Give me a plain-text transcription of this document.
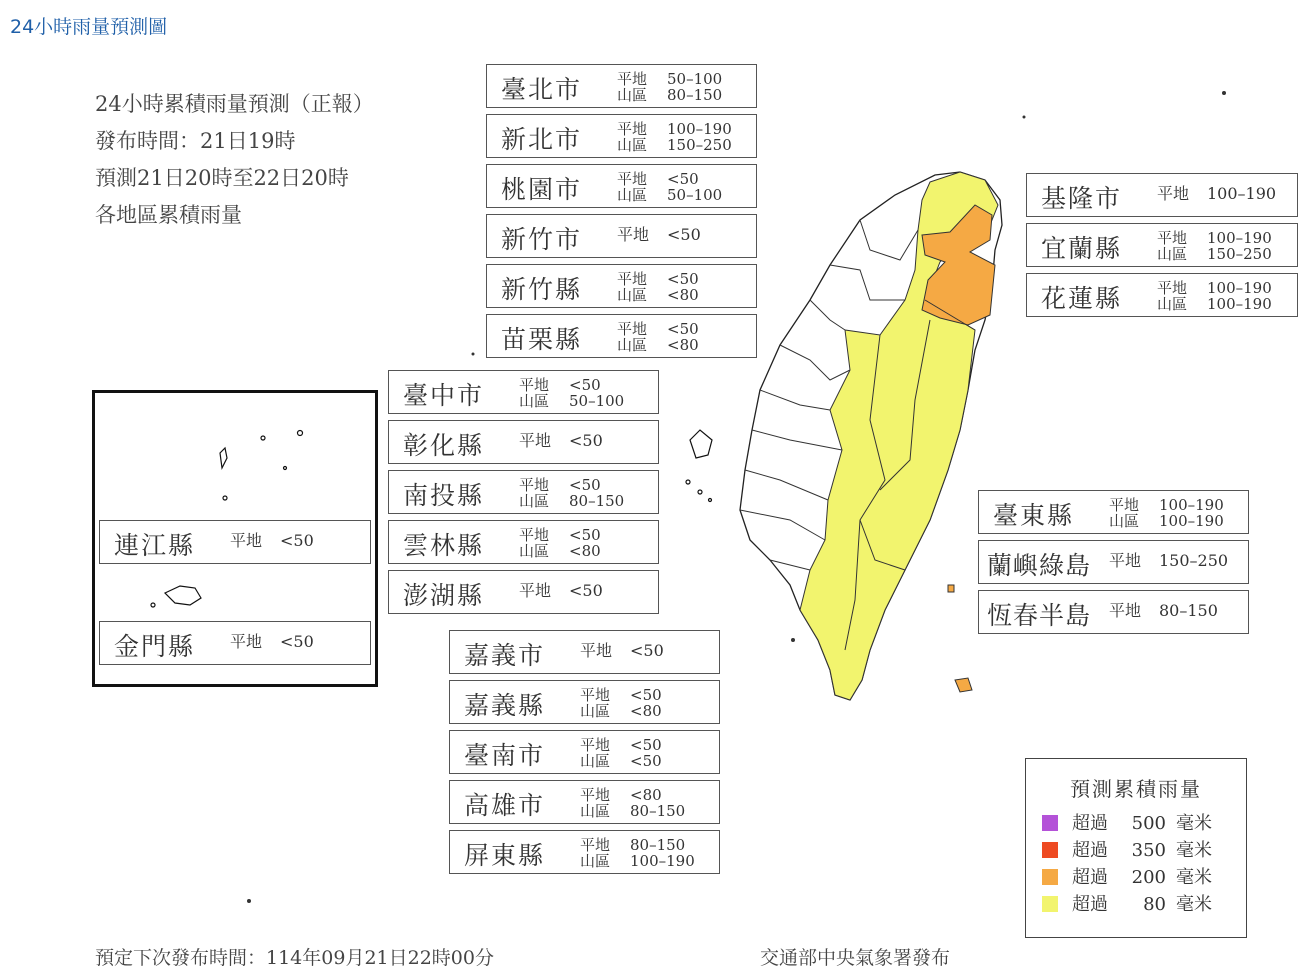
24小時雨量預測圖
24小時累積雨量預測（正報）
發布時間：21日19時
預測21日20時至22日20時
各地區累積雨量
臺北市 平地
山區
50–100
80–150
新北市 平地
山區
100–190
150–250
桃園市 平地
山區
<50
50–100
新竹市 平地 <50
新竹縣 平地
山區
<50
<80
苗栗縣 平地
山區
<50
<80
臺中市 平地
山區
<50
50–100
彰化縣 平地 <50
南投縣 平地
山區
<50
80–150
雲林縣 平地
山區
<50
<80
澎湖縣 平地 <50
嘉義市 平地 <50
嘉義縣 平地
山區
<50
<80
臺南市 平地
山區
<50
<50
高雄市 平地
山區
<80
80–150
屏東縣 平地
山區
80–150
100–190
基隆市 平地 100–190
宜蘭縣 平地
山區
100–190
150–250
花蓮縣 平地
山區
100–190
100–190
臺東縣 平地
山區
100–190
100–190
蘭嶼綠島 平地 150–250
恆春半島 平地 80–150
連江縣 平地 <50
金門縣 平地 <50
預測累積雨量
超過 500 毫米
超過 350 毫米
超過 200 毫米
超過 80 毫米
預定下次發布時間：114年09月21日22時00分	交通部中央氣象署發布
